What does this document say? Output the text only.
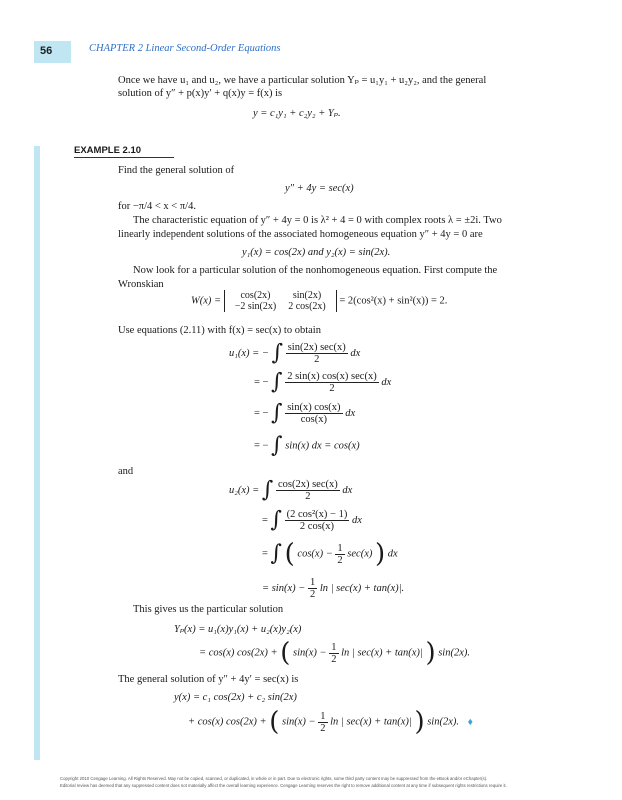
56	CHAPTER 2 Linear Second-Order Equations
Once we have u₁ and u₂, we have a particular solution Yₚ = u₁y₁ + u₂y₂, and the general
solution of y″ + p(x)y′ + q(x)y = f(x) is
y = c₁y₁ + c₂y₂ + Yₚ.
EXAMPLE 2.10
Find the general solution of
y″ + 4y = sec(x)
for −π/4 < x < π/4.
The characteristic equation of y″ + 4y = 0 is λ² + 4 = 0 with complex roots λ = ±2i. Two
linearly independent solutions of the associated homogeneous equation y″ + 4y = 0 are
y₁(x) = cos(2x) and y₂(x) = sin(2x).
Now look for a particular solution of the nonhomogeneous equation. First compute the
Wronskian
W(x) = cos(2x)	sin(2x)
−2 sin(2x)	2 cos(2x) = 2(cos²(x) + sin²(x)) = 2.
Use equations (2.11) with f(x) = sec(x) to obtain
u₁(x) = − ∫ $\frac{\sin(2x) \sec(x)}{2}$ dx
= − ∫ $\frac{2 \sin(x) \cos(x) \sec(x)}{2}$ dx
= − ∫ $\frac{\sin(x) \cos(x)}{\cos(x)}$ dx
= − ∫ sin(x) dx = cos(x)
and
u₂(x) = ∫ $\frac{\cos(2x) \sec(x)}{2}$ dx
= ∫ $\frac{\text{(2 cos²(x) − 1)}}{2 \cos(x)}$ dx
= ∫ ( $\cos(x) - \frac{1}{2} \sec(x)$ ) dx
= $\sin(x) - \frac{1}{2}$ ln | sec(x) + tan(x)|.
This gives us the particular solution
Yₚ(x) = u₁(x)y₁(x) + u₂(x)y₂(x)
= cos(x) cos(2x) + ( $\sin(x) - \frac{1}{2}$ ln | sec(x) + tan(x)| ) sin(2x).
The general solution of y″ + 4y′ = sec(x) is
y(x) = c₁ cos(2x) + c₂ sin(2x)
+ cos(x) cos(2x) + ( $\sin(x) - \frac{1}{2}$ ln | sec(x) + tan(x)| ) sin(2x). ♦
Copyright 2010 Cengage Learning. All Rights Reserved. May not be copied, scanned, or duplicated, in whole or in part. Due to electronic rights, some third party content may be suppressed from the eBook and/or eChapter(s).
Editorial review has deemed that any suppressed content does not materially affect the overall learning experience. Cengage Learning reserves the right to remove additional content at any time if subsequent rights restrictions require it.
